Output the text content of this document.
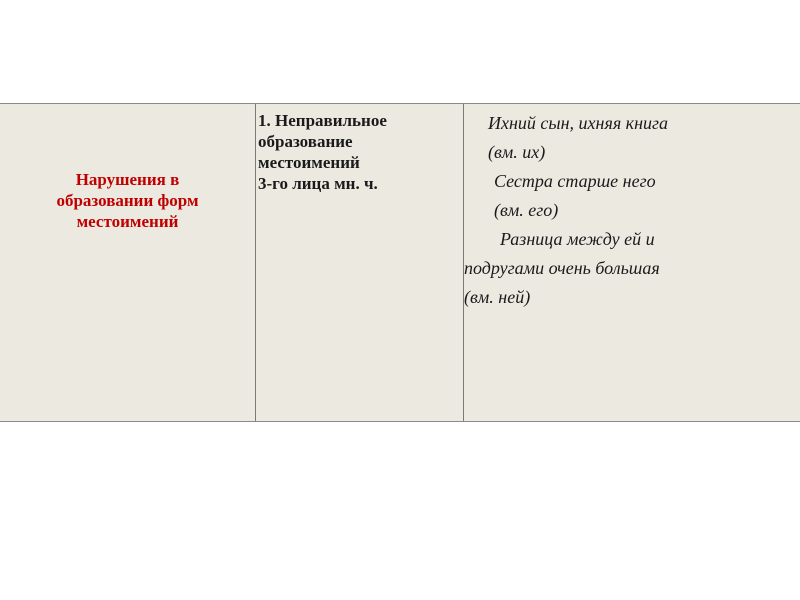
Нарушения в
образовании форм
местоимений
1. Неправильное
образование
местоимений
3-го лица мн. ч.
Ихний сын, ихняя книга
(вм. их)
Сестра старше него
(вм. его)
Разница между ей и
подругами очень большая
(вм. ней)
